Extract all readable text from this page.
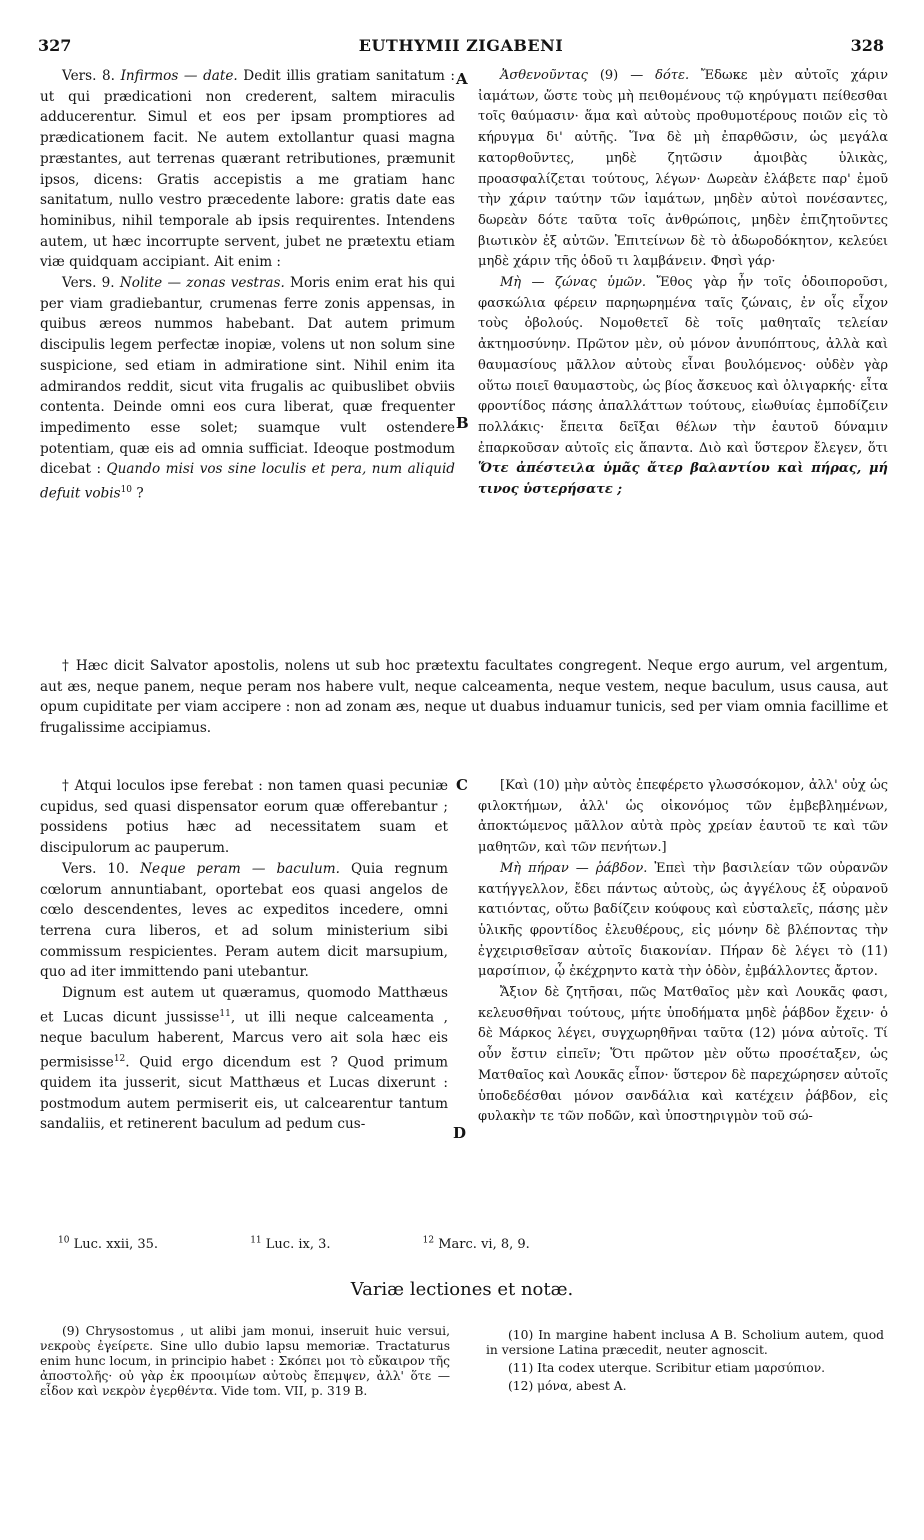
327	EUTHYMII ZIGABENI	328
A
B
C
D

Vers. 8. Infirmos — date. Dedit illis gratiam sanitatum : ut qui prædicationi non crederent, saltem miraculis adducerentur. Simul et eos per ipsam promptiores ad prædicationem facit. Ne autem extollantur quasi magna præstantes, aut terrenas quærant retributiones, præmunit ipsos, dicens: Gratis accepistis a me gratiam hanc sanitatum, nullo vestro præcedente labore: gratis date eas hominibus, nihil temporale ab ipsis requirentes. Intendens autem, ut hæc incorrupte servent, jubet ne prætextu etiam viæ quidquam accipiant. Ait enim :

Vers. 9. Nolite — zonas vestras. Moris enim erat his qui per viam gradiebantur, crumenas ferre zonis appensas, in quibus æreos nummos habebant. Dat autem primum discipulis legem perfectæ inopiæ, volens ut non solum sine suspicione, sed etiam in admiratione sint. Nihil enim ita admirandos reddit, sicut vita frugalis ac quibuslibet obviis contenta. Deinde omni eos cura liberat, quæ frequenter impedimento esse solet; suamque vult ostendere potentiam, quæ eis ad omnia sufficiat. Ideoque postmodum dicebat : Quando misi vos sine loculis et pera, num aliquid defuit vobis$^{10}$ ?

Ἀσθενοῦντας (9) — δότε. Ἔδωκε μὲν αὐτοῖς χάριν ἰαμάτων, ὥστε τοὺς μὴ πειθομένους τῷ κηρύγματι πείθεσθαι τοῖς θαύμασιν· ἅμα καὶ αὐτοὺς προθυμοτέρους ποιῶν εἰς τὸ κήρυγμα δι' αὐτῆς. Ἵνα δὲ μὴ ἐπαρθῶσιν, ὡς μεγάλα κατορθοῦντες, μηδὲ ζητῶσιν ἀμοιβὰς ὑλικὰς, προασφαλίζεται τούτους, λέγων· Δωρεὰν ἐλάβετε παρ' ἐμοῦ τὴν χάριν ταύτην τῶν ἰαμάτων, μηδὲν αὐτοὶ πονέσαντες, δωρεὰν δότε ταῦτα τοῖς ἀνθρώποις, μηδὲν ἐπιζητοῦντες βιωτικὸν ἐξ αὐτῶν. Ἐπιτείνων δὲ τὸ ἀδωροδόκητον, κελεύει μηδὲ χάριν τῆς ὁδοῦ τι λαμβάνειν. Φησὶ γάρ·

Μὴ — ζώνας ὑμῶν. Ἔθος γὰρ ἦν τοῖς ὁδοιποροῦσι, φασκώλια φέρειν παρηωρημένα ταῖς ζώναις, ἐν οἷς εἶχον τοὺς ὀβολούς. Νομοθετεῖ δὲ τοῖς μαθηταῖς τελείαν ἀκτημοσύνην. Πρῶτον μὲν, οὐ μόνον ἀνυπόπτους, ἀλλὰ καὶ θαυμασίους μᾶλλον αὐτοὺς εἶναι βουλόμενος· οὐδὲν γὰρ οὕτω ποιεῖ θαυμαστοὺς, ὡς βίος ἄσκευος καὶ ὀλιγαρκής· εἶτα φροντίδος πάσης ἀπαλλάττων τούτους, εἰωθυίας ἐμποδίζειν πολλάκις· ἔπειτα δεῖξαι θέλων τὴν ἑαυτοῦ δύναμιν ἐπαρκοῦσαν αὐτοῖς εἰς ἅπαντα. Διὸ καὶ ὕστερον ἔλεγεν, ὅτι Ὅτε ἀπέστειλα ὑμᾶς ἄτερ βαλαντίου καὶ πήρας, μή τινος ὑστερήσατε ;

† Hæc dicit Salvator apostolis, nolens ut sub hoc prætextu facultates congregent. Neque ergo aurum, vel argentum, aut æs, neque panem, neque peram nos habere vult, neque calceamenta, neque vestem, neque baculum, usus causa, aut opum cupiditate per viam accipere : non ad zonam æs, neque ut duabus induamur tunicis, sed per viam omnia facillime et frugalissime accipiamus.

† Atqui loculos ipse ferebat : non tamen quasi pecuniæ cupidus, sed quasi dispensator eorum quæ offerebantur ; possidens potius hæc ad necessitatem suam et discipulorum ac pauperum.

Vers. 10. Neque peram — baculum. Quia regnum cœlorum annuntiabant, oportebat eos quasi angelos de cœlo descendentes, leves ac expeditos incedere, omni terrena cura liberos, et ad solum ministerium sibi commissum respicientes. Peram autem dicit marsupium, quo ad iter immittendo pani utebantur.

Dignum est autem ut quæramus, quomodo Matthæus et Lucas dicunt jussisse$^{11}$, ut illi neque calceamenta , neque baculum haberent, Marcus vero ait sola hæc eis permisisse$^{12}$. Quid ergo dicendum est ? Quod primum quidem ita jusserit, sicut Matthæus et Lucas dixerunt : postmodum autem permiserit eis, ut calcearentur tantum sandaliis, et retinerent baculum ad pedum cus-

[Καὶ (10) μὴν αὐτὸς ἐπεφέρετο γλωσσόκομον, ἀλλ' οὐχ ὡς φιλοκτήμων, ἀλλ' ὡς οἰκονόμος τῶν ἐμβεβλημένων, ἀποκτώμενος μᾶλλον αὐτὰ πρὸς χρείαν ἑαυτοῦ τε καὶ τῶν μαθητῶν, καὶ τῶν πενήτων.]

Μὴ πήραν — ῥάβδον. Ἐπεὶ τὴν βασιλείαν τῶν οὐρανῶν κατήγγελλον, ἔδει πάντως αὐτοὺς, ὡς ἀγγέλους ἐξ οὐρανοῦ κατιόντας, οὕτω βαδίζειν κούφους καὶ εὐσταλεῖς, πάσης μὲν ὑλικῆς φροντίδος ἐλευθέρους, εἰς μόνην δὲ βλέποντας τὴν ἐγχειρισθεῖσαν αὐτοῖς διακονίαν. Πήραν δὲ λέγει τὸ (11) μαρσίπιον, ᾧ ἐκέχρηντο κατὰ τὴν ὁδὸν, ἐμβάλλοντες ἄρτον.

Ἄξιον δὲ ζητῆσαι, πῶς Ματθαῖος μὲν καὶ Λουκᾶς φασι, κελευσθῆναι τούτους, μήτε ὑποδήματα μηδὲ ῥάβδον ἔχειν· ὁ δὲ Μάρκος λέγει, συγχωρηθῆναι ταῦτα (12) μόνα αὐτοῖς. Τί οὖν ἔστιν εἰπεῖν; Ὅτι πρῶτον μὲν οὕτω προσέταξεν, ὡς Ματθαῖος καὶ Λουκᾶς εἶπον· ὕστερον δὲ παρεχώρησεν αὐτοῖς ὑποδεδέσθαι μόνον σανδάλια καὶ κατέχειν ῥάβδον, εἰς φυλακὴν τε τῶν ποδῶν, καὶ ὑποστηριγμὸν τοῦ σώ-

$^{10}$ Luc. xxii, 35.	$^{11}$ Luc. ix, 3.	$^{12}$ Marc. vi, 8, 9.
Variæ lectiones et notæ.

(9) Chrysostomus , ut alibi jam monui, inseruit huic versui, νεκροὺς ἐγείρετε. Sine ullo dubio lapsu memoriæ. Tractaturus enim hunc locum, in principio habet : Σκόπει μοι τὸ εὔκαιρον τῆς ἀποστολῆς· οὐ γὰρ ἐκ προοιμίων αὐτοὺς ἔπεμψεν, ἀλλ' ὅτε — εἶδον καὶ νεκρὸν ἐγερθέντα. Vide tom. VII, p. 319 B.

(10) In margine habent inclusa A B. Scholium autem, quod in versione Latina præcedit, neuter agnoscit.

(11) Ita codex uterque. Scribitur etiam μαρσύπιον.

(12) μόνα, abest A.
